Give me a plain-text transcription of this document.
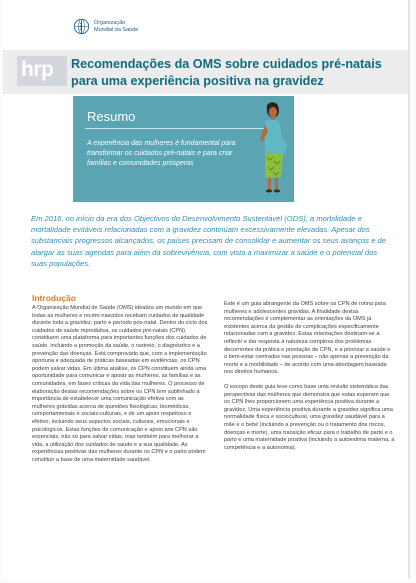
Organização
Mundial da Saúde
hrp Recomendações da OMS sobre cuidados pré-natais
para uma experiência positiva na gravidez
Resumo
A experiência das mulheres é fundamental para transformar os cuidados pré-natais e para criar famílias e comunidades prósperas
Em 2016, no início da era dos Objectivos do Desenvolvimento Sustentável (ODS), a morbilidade e mortalidade evitáveis relacionadas com a gravidez continuam excessivamente elevadas. Apesar dos substanciais progressos alcançados, os países precisam de consolidar e aumentar os seus avanços e de alargar as suas agendas para além da sobrevivência, com vista a maximizar a saúde e o potencial dos suas populações.
Introdução
A Organização Mundial de Saúde (OMS) idealiza um mundo em que todas as mulheres e recém-nascidos recebam cuidados de qualidade durante toda a gravidez, parto e período pós-natal. Dentro do ciclo dos cuidados de saúde reprodutiva, os cuidados pré-natais (CPN) constituem uma plataforma para importantes funções dos cuidados de saúde, incluindo a promoção da saúde, o rastreio, o diagnóstico e a prevenção das doenças. Está comprovado que, com a implementação oportuna e adequada de práticas baseadas em evidências, os CPN podem salvar vidas. Em última análise, os CPN constituem ainda uma oportunidade para comunicar e apoiar as mulheres, as famílias e as comunidades, em fases críticas da vida das mulheres. O processo de elaboração destas recomendações sobre os CPN tem sublinhado a importância de estabelecer uma comunicação efetiva com as mulheres grávidas acerca de questões fisiológicas, biomédicas, comportamentais e sociais-culturais, e de um apoio respeitoso e efetivo, incluindo seus aspectos sociais, culturais, emocionais e psicológicos. Estas funções de comunicação e apoio aos CPN são essenciais, não só para salvar vidas, mas também para melhorar a vida, a utilização dos cuidados de saúde e a sua qualidade. As experiências positivas das mulheres durante os CPN e o parto podem constituir a base de uma maternidade saudável.

Este é um guia abrangente da OMS sobre os CPN de rotina para mulheres e adolescentes grávidas. A finalidade destas recomendações é complementar as orientações da OMS já existentes acerca da gestão de complicações especificamente relacionadas com a gravidez. Estas orientações destinam-se a reflectir e dar resposta à natureza complexa dos problemas decorrentes da prática e prestação de CPN, e a priorizar a saúde e o bem-estar centrados nas pessoas – não apenas a prevenção da morte e a morbilidade – de acordo com uma abordagem baseada nos direitos humanos.

O escopo deste guia teve como base uma revisão sistemática das perspectivas das mulheres que demonstra que estas esperam que os CPN lhes proporcionem uma experiência positiva durante a gravidez. Uma experiência positiva durante a gravidez significa uma normalidade física e sociocultural, uma gravidez saudável para a mãe e o bebé (incluindo a prevenção ou o tratamento dos riscos, doenças e morte), uma transição eficaz para o trabalho de parto e o parto e uma maternidade positiva (incluindo a autoestima materna, a competência e a autonomia).
